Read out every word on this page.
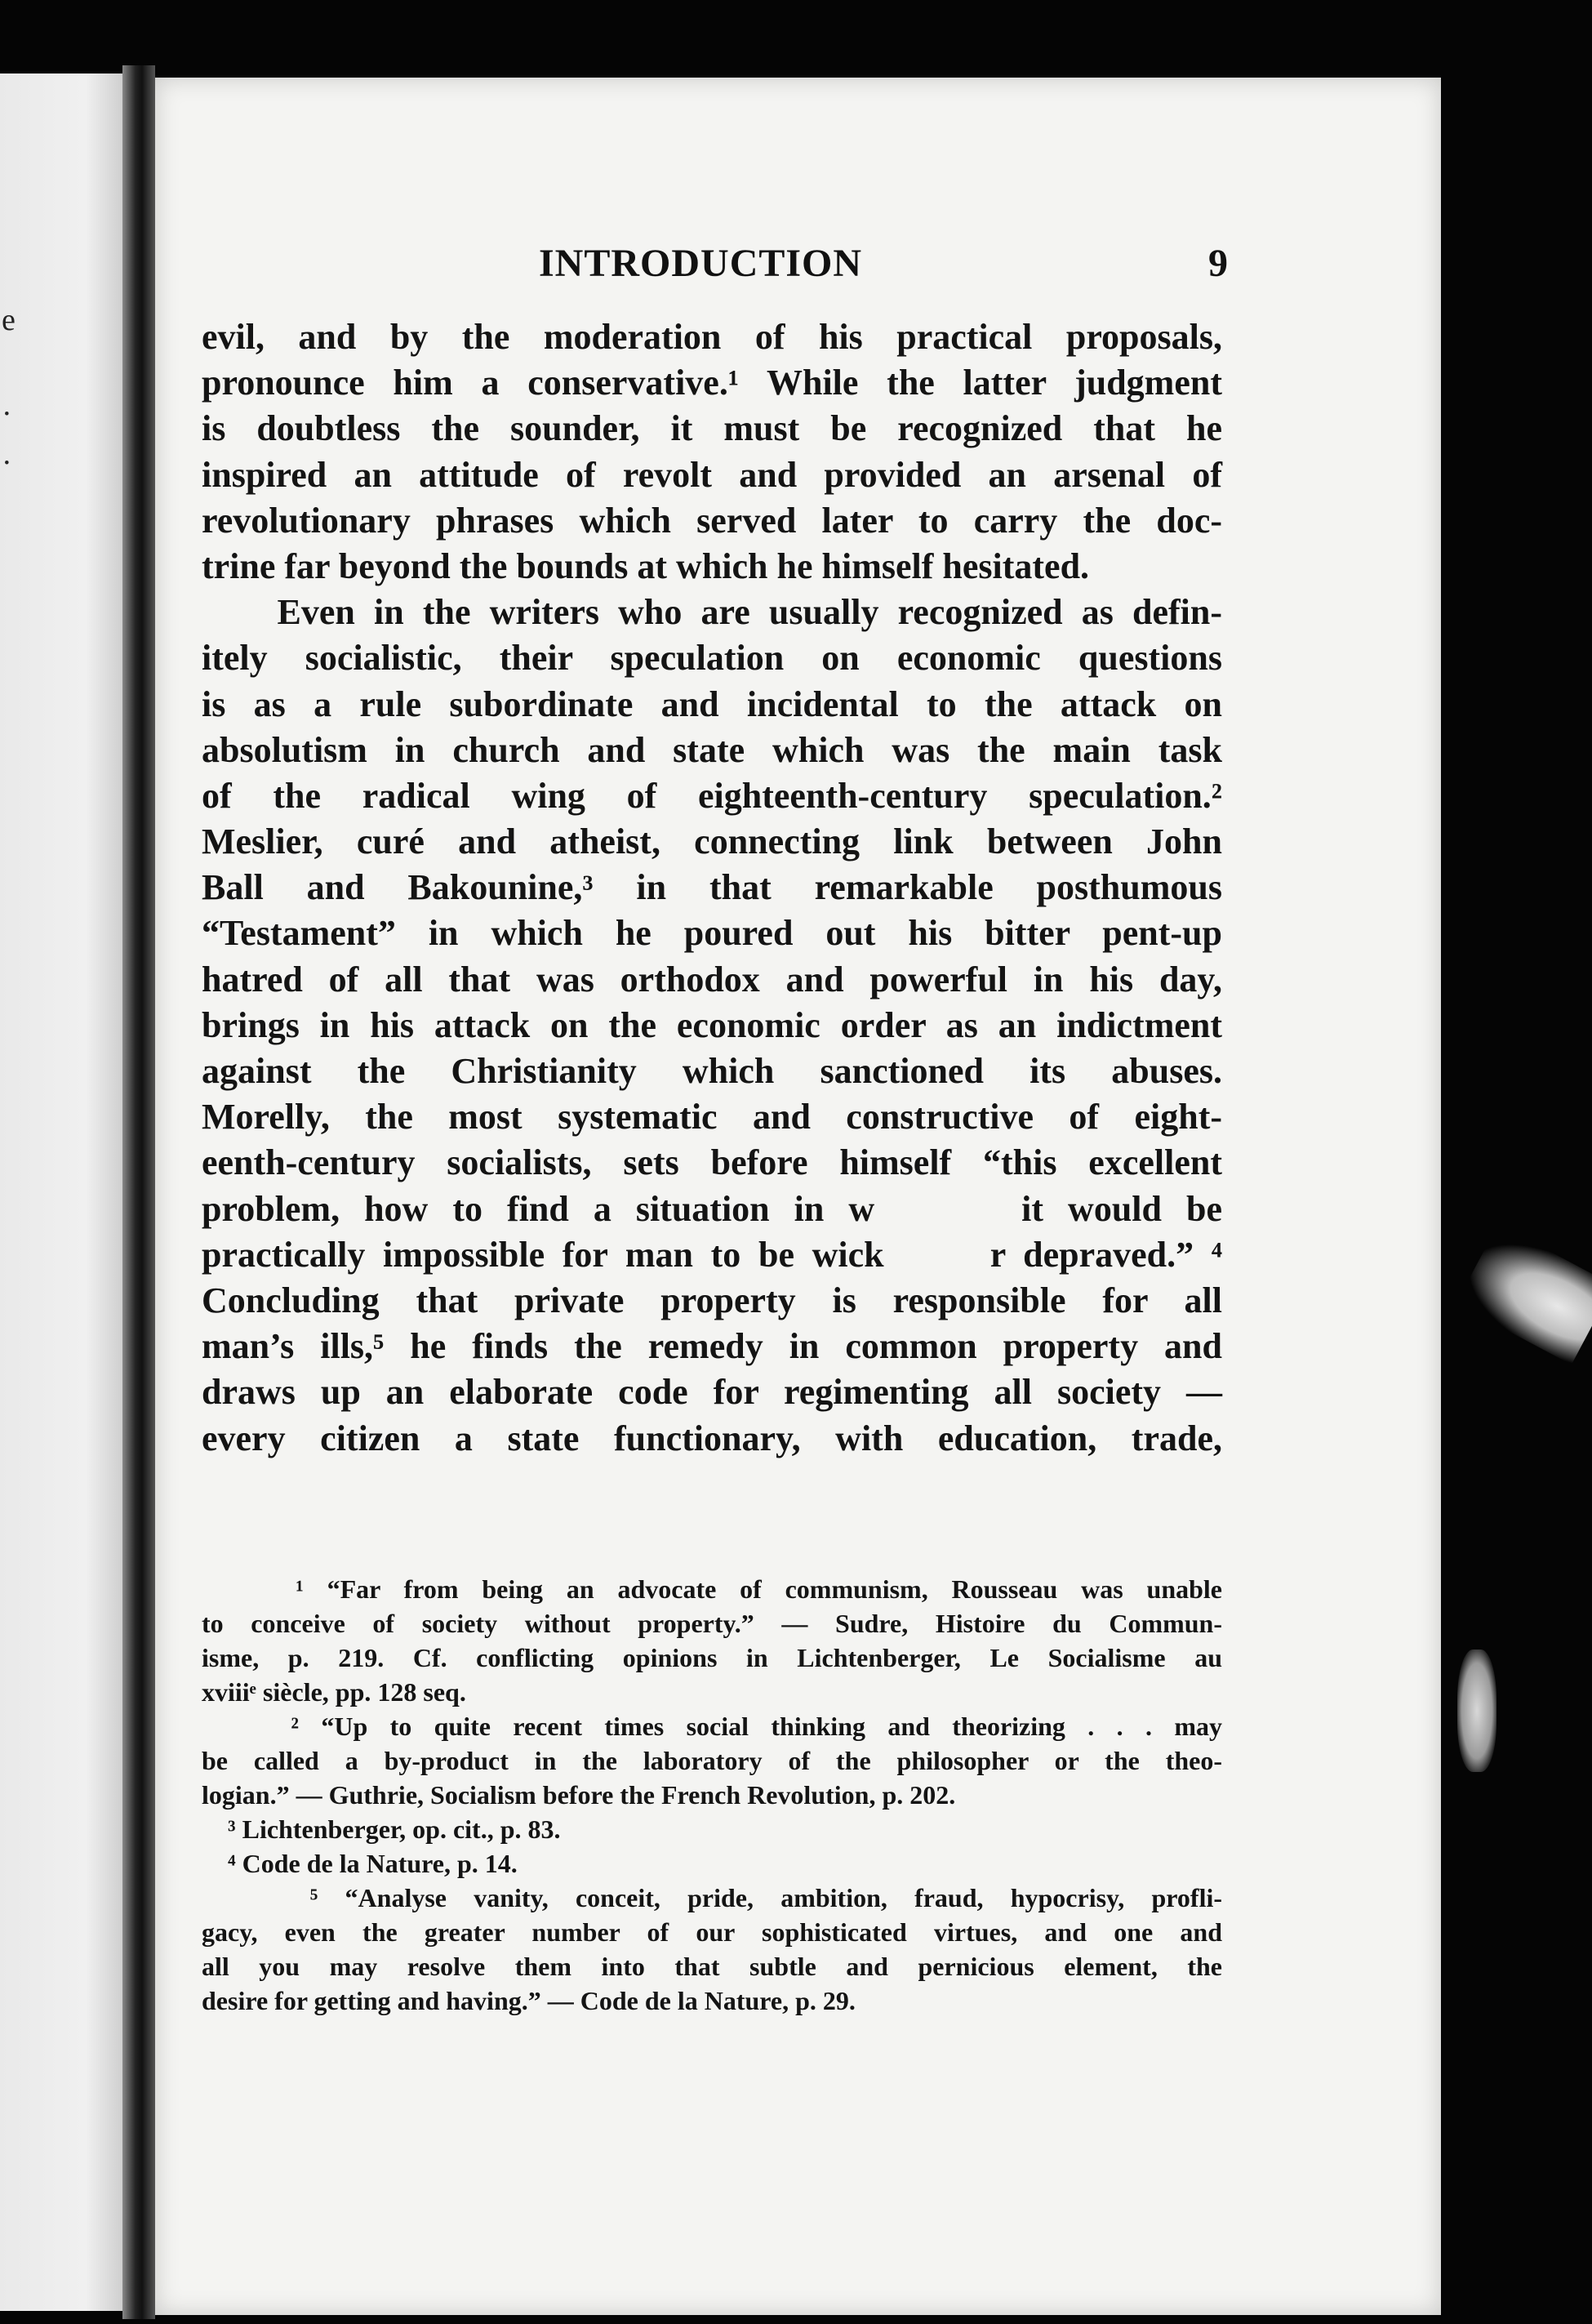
e
·
·
INTRODUCTION	9
evil, and by the moderation of his practical proposals,
pronounce him a conservative.¹ While the latter judgment
is doubtless the sounder, it must be recognized that he
inspired an attitude of revolt and provided an arsenal of
revolutionary phrases which served later to carry the doc-
trine far beyond the bounds at which he himself hesitated.
Even in the writers who are usually recognized as defin-
itely socialistic, their speculation on economic questions
is as a rule subordinate and incidental to the attack on
absolutism in church and state which was the main task
of the radical wing of eighteenth-century speculation.²
Meslier, curé and atheist, connecting link between John
Ball and Bakounine,³ in that remarkable posthumous
“Testament” in which he poured out his bitter pent-up
hatred of all that was orthodox and powerful in his day,
brings in his attack on the economic order as an indictment
against the Christianity which sanctioned its abuses.
Morelly, the most systematic and constructive of eight-
eenth-century socialists, sets before himself “this excellent
problem, how to find a situation in w      it would be
practically impossible for man to be wick      r depraved.” ⁴
Concluding that private property is responsible for all
man’s ills,⁵ he finds the remedy in common property and
draws up an elaborate code for regimenting all society —
every citizen a state functionary, with education, trade,
¹ “Far from being an advocate of communism, Rousseau was unable
to conceive of society without property.” — Sudre, Histoire du Commun-
isme, p. 219. Cf. conflicting opinions in Lichtenberger, Le Socialisme au
xviiiᵉ siècle, pp. 128 seq.
² “Up to quite recent times social thinking and theorizing . . . may
be called a by-product in the laboratory of the philosopher or the theo-
logian.” — Guthrie, Socialism before the French Revolution, p. 202.
³ Lichtenberger, op. cit., p. 83.
⁴ Code de la Nature, p. 14.
⁵ “Analyse vanity, conceit, pride, ambition, fraud, hypocrisy, profli-
gacy, even the greater number of our sophisticated virtues, and one and
all you may resolve them into that subtle and pernicious element, the
desire for getting and having.” — Code de la Nature, p. 29.
